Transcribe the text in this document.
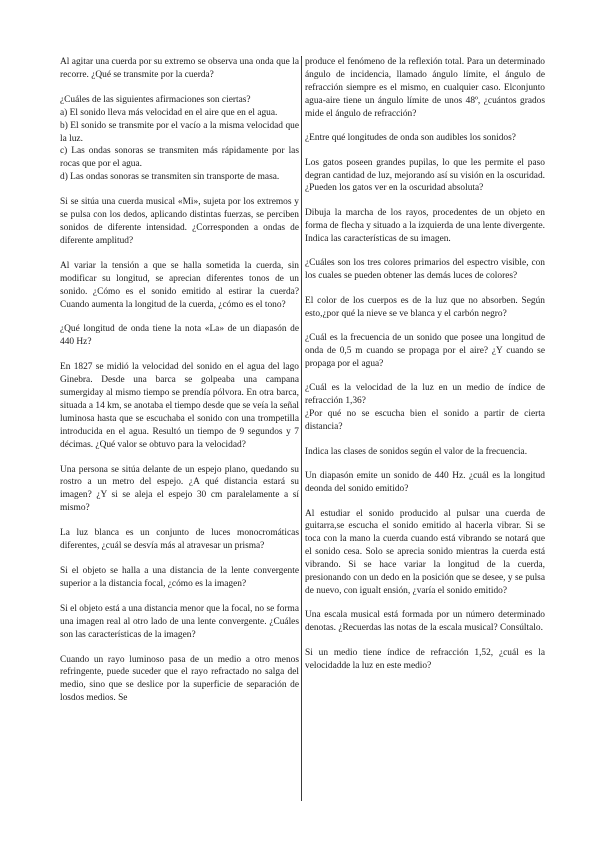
Al agitar una cuerda por su extremo se observa una onda que la recorre. ¿Qué se transmite por la cuerda?

¿Cuáles de las siguientes afirmaciones son ciertas?
a) El sonido lleva más velocidad en el aire que en el agua.
b) El sonido se transmite por el vacío a la misma velocidad que la luz.
c) Las ondas sonoras se transmiten más rápidamente por las rocas que por el agua.
d) Las ondas sonoras se transmiten sin transporte de masa.

Si se sitúa una cuerda musical «Mi», sujeta por los extremos y se pulsa con los dedos, aplicando distintas fuerzas, se perciben sonidos de diferente intensidad. ¿Corresponden a ondas de diferente amplitud?

Al variar la tensión a que se halla sometida la cuerda, sin modificar su longitud, se aprecian diferentes tonos de un sonido. ¿Cómo es el sonido emitido al estirar la cuerda? Cuando aumenta la longitud de la cuerda, ¿cómo es el tono?

¿Qué longitud de onda tiene la nota «La» de un diapasón de 440 Hz?

En 1827 se midió la velocidad del sonido en el agua del lago Ginebra. Desde una barca se golpeaba una campana sumergiday al mismo tiempo se prendía pólvora. En otra barca, situada a 14 km, se anotaba el tiempo desde que se veía la señal luminosa hasta que se escuchaba el sonido con una trompetilla introducida en el agua. Resultó un tiempo de 9 segundos y 7 décimas. ¿Qué valor se obtuvo para la velocidad?

Una persona se sitúa delante de un espejo plano, quedando su rostro a un metro del espejo. ¿A qué distancia estará su imagen? ¿Y si se aleja el espejo 30 cm paralelamente a sí mismo?

La luz blanca es un conjunto de luces monocromáticas diferentes, ¿cuál se desvía más al atravesar un prisma?

Si el objeto se halla a una distancia de la lente convergente superior a la distancia focal, ¿cómo es la imagen?

Si el objeto está a una distancia menor que la focal, no se forma una imagen real al otro lado de una lente convergente. ¿Cuáles son las características de la imagen?

Cuando un rayo luminoso pasa de un medio a otro menos refringente, puede suceder que el rayo refractado no salga del medio, sino que se deslice por la superficie de separación de losdos medios. Se

produce el fenómeno de la reflexión total. Para un determinado ángulo de incidencia, llamado ángulo límite, el ángulo de refracción siempre es el mismo, en cualquier caso. Elconjunto agua-aire tiene un ángulo límite de unos 48º, ¿cuántos grados mide el ángulo de refracción?

¿Entre qué longitudes de onda son audibles los sonidos?

Los gatos poseen grandes pupilas, lo que les permite el paso degran cantidad de luz, mejorando así su visión en la oscuridad. ¿Pueden los gatos ver en la oscuridad absoluta?

Dibuja la marcha de los rayos, procedentes de un objeto en forma de flecha y situado a la izquierda de una lente divergente. Indica las características de su imagen.

¿Cuáles son los tres colores primarios del espectro visible, con los cuales se pueden obtener las demás luces de colores?

El color de los cuerpos es de la luz que no absorben. Según esto,¿por qué la nieve se ve blanca y el carbón negro?

¿Cuál es la frecuencia de un sonido que posee una longitud de onda de 0,5 m cuando se propaga por el aire? ¿Y cuando se propaga por el agua?

¿Cuál es la velocidad de la luz en un medio de índice de refracción 1,36?
¿Por qué no se escucha bien el sonido a partir de cierta distancia?

Indica las clases de sonidos según el valor de la frecuencia.

Un diapasón emite un sonido de 440 Hz. ¿cuál es la longitud deonda del sonido emitido?

Al estudiar el sonido producido al pulsar una cuerda de guitarra,se escucha el sonido emitido al hacerla vibrar. Si se toca con la mano la cuerda cuando está vibrando se notará que el sonido cesa. Solo se aprecia sonido mientras la cuerda está vibrando. Si se hace variar la longitud de la cuerda, presionando con un dedo en la posición que se desee, y se pulsa de nuevo, con igualt ensión, ¿varía el sonido emitido?

Una escala musical está formada por un número determinado denotas. ¿Recuerdas las notas de la escala musical? Consúltalo.

Si un medio tiene índice de refracción 1,52, ¿cuál es la velocidadde la luz en este medio?
